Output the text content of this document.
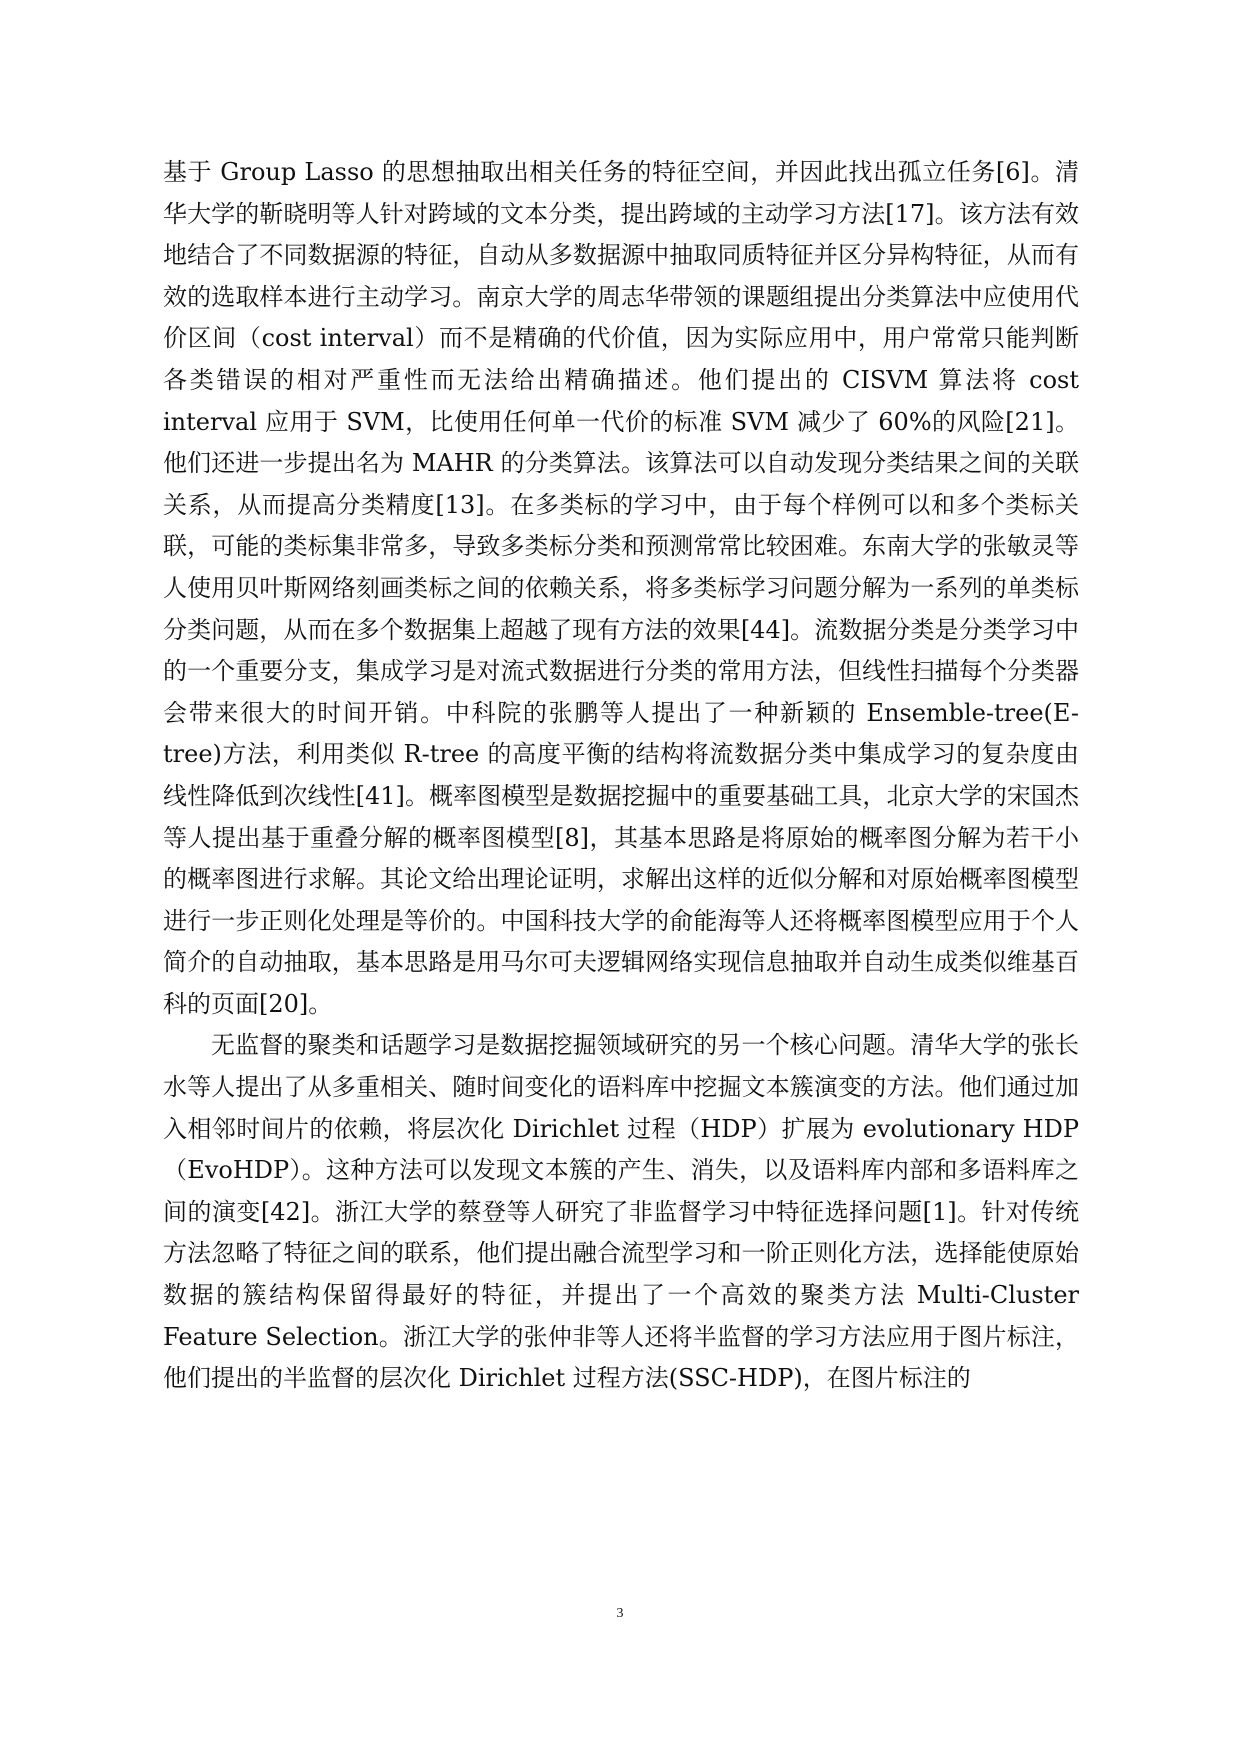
基于 Group Lasso 的思想抽取出相关任务的特征空间，并因此找出孤立任务[6]。清华大学的靳晓明等人针对跨域的文本分类，提出跨域的主动学习方法[17]。该方法有效地结合了不同数据源的特征，自动从多数据源中抽取同质特征并区分异构特征，从而有效的选取样本进行主动学习。南京大学的周志华带领的课题组提出分类算法中应使用代价区间（cost interval）而不是精确的代价值，因为实际应用中，用户常常只能判断各类错误的相对严重性而无法给出精确描述。他们提出的 CISVM 算法将 cost interval 应用于 SVM，比使用任何单一代价的标准 SVM 减少了 60%的风险[21]。他们还进一步提出名为 MAHR 的分类算法。该算法可以自动发现分类结果之间的关联关系，从而提高分类精度[13]。在多类标的学习中，由于每个样例可以和多个类标关联，可能的类标集非常多，导致多类标分类和预测常常比较困难。东南大学的张敏灵等人使用贝叶斯网络刻画类标之间的依赖关系，将多类标学习问题分解为一系列的单类标分类问题，从而在多个数据集上超越了现有方法的效果[44]。流数据分类是分类学习中的一个重要分支，集成学习是对流式数据进行分类的常用方法，但线性扫描每个分类器会带来很大的时间开销。中科院的张鹏等人提出了一种新颖的 Ensemble-tree(E-tree)方法，利用类似 R-tree 的高度平衡的结构将流数据分类中集成学习的复杂度由线性降低到次线性[41]。概率图模型是数据挖掘中的重要基础工具，北京大学的宋国杰等人提出基于重叠分解的概率图模型[8]，其基本思路是将原始的概率图分解为若干小的概率图进行求解。其论文给出理论证明，求解出这样的近似分解和对原始概率图模型进行一步正则化处理是等价的。中国科技大学的俞能海等人还将概率图模型应用于个人简介的自动抽取，基本思路是用马尔可夫逻辑网络实现信息抽取并自动生成类似维基百科的页面[20]。

无监督的聚类和话题学习是数据挖掘领域研究的另一个核心问题。清华大学的张长水等人提出了从多重相关、随时间变化的语料库中挖掘文本簇演变的方法。他们通过加入相邻时间片的依赖，将层次化 Dirichlet 过程（HDP）扩展为 evolutionary HDP（EvoHDP）。这种方法可以发现文本簇的产生、消失，以及语料库内部和多语料库之间的演变[42]。浙江大学的蔡登等人研究了非监督学习中特征选择问题[1]。针对传统方法忽略了特征之间的联系，他们提出融合流型学习和一阶正则化方法，选择能使原始数据的簇结构保留得最好的特征，并提出了一个高效的聚类方法 Multi-Cluster Feature Selection。浙江大学的张仲非等人还将半监督的学习方法应用于图片标注，他们提出的半监督的层次化 Dirichlet 过程方法(SSC-HDP)，在图片标注的

3
